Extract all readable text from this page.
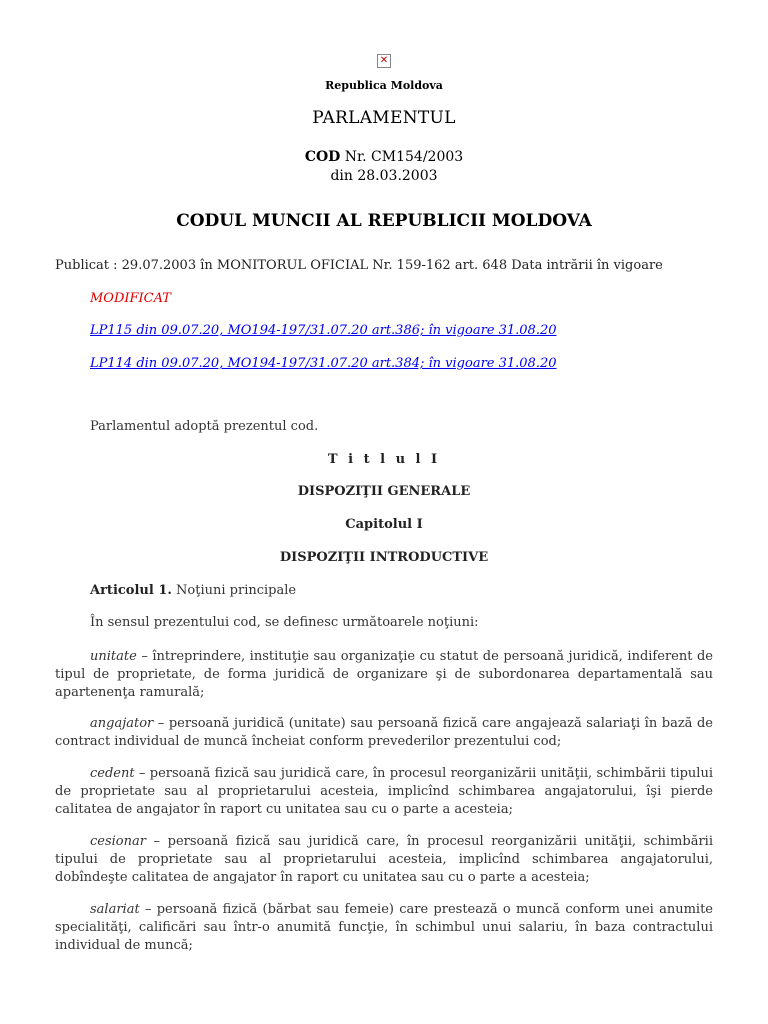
✕
Republica Moldova
PARLAMENTUL
COD Nr. CM154/2003
din 28.03.2003
CODUL MUNCII AL REPUBLICII MOLDOVA
Publicat : 29.07.2003 în MONITORUL OFICIAL Nr. 159-162 art. 648 Data intrării în vigoare
MODIFICAT
LP115 din 09.07.20, MO194-197/31.07.20 art.386; în vigoare 31.08.20
LP114 din 09.07.20, MO194-197/31.07.20 art.384; în vigoare 31.08.20
Parlamentul adoptă prezentul cod.
T i t l u l I
DISPOZIŢII GENERALE
Capitolul I
DISPOZIŢII INTRODUCTIVE
Articolul 1. Noţiuni principale
În sensul prezentului cod, se definesc următoarele noţiuni:

unitate – întreprindere, instituţie sau organizaţie cu statut de persoană juridică, indiferent de tipul de proprietate, de forma juridică de organizare şi de subordonarea departamentală sau apartenenţa ramurală;

angajator – persoană juridică (unitate) sau persoană fizică care angajează salariaţi în bază de contract individual de muncă încheiat conform prevederilor prezentului cod;

cedent – persoană fizică sau juridică care, în procesul reorganizării unităţii, schimbării tipului de proprietate sau al proprietarului acesteia, implicînd schimbarea angajatorului, îşi pierde calitatea de angajator în raport cu unitatea sau cu o parte a acesteia;

cesionar – persoană fizică sau juridică care, în procesul reorganizării unităţii, schimbării tipului de proprietate sau al proprietarului acesteia, implicînd schimbarea angajatorului, dobîndeşte calitatea de angajator în raport cu unitatea sau cu o parte a acesteia;

salariat – persoană fizică (bărbat sau femeie) care prestează o muncă conform unei anumite specialităţi, calificări sau într-o anumită funcţie, în schimbul unui salariu, în baza contractului individual de muncă;
